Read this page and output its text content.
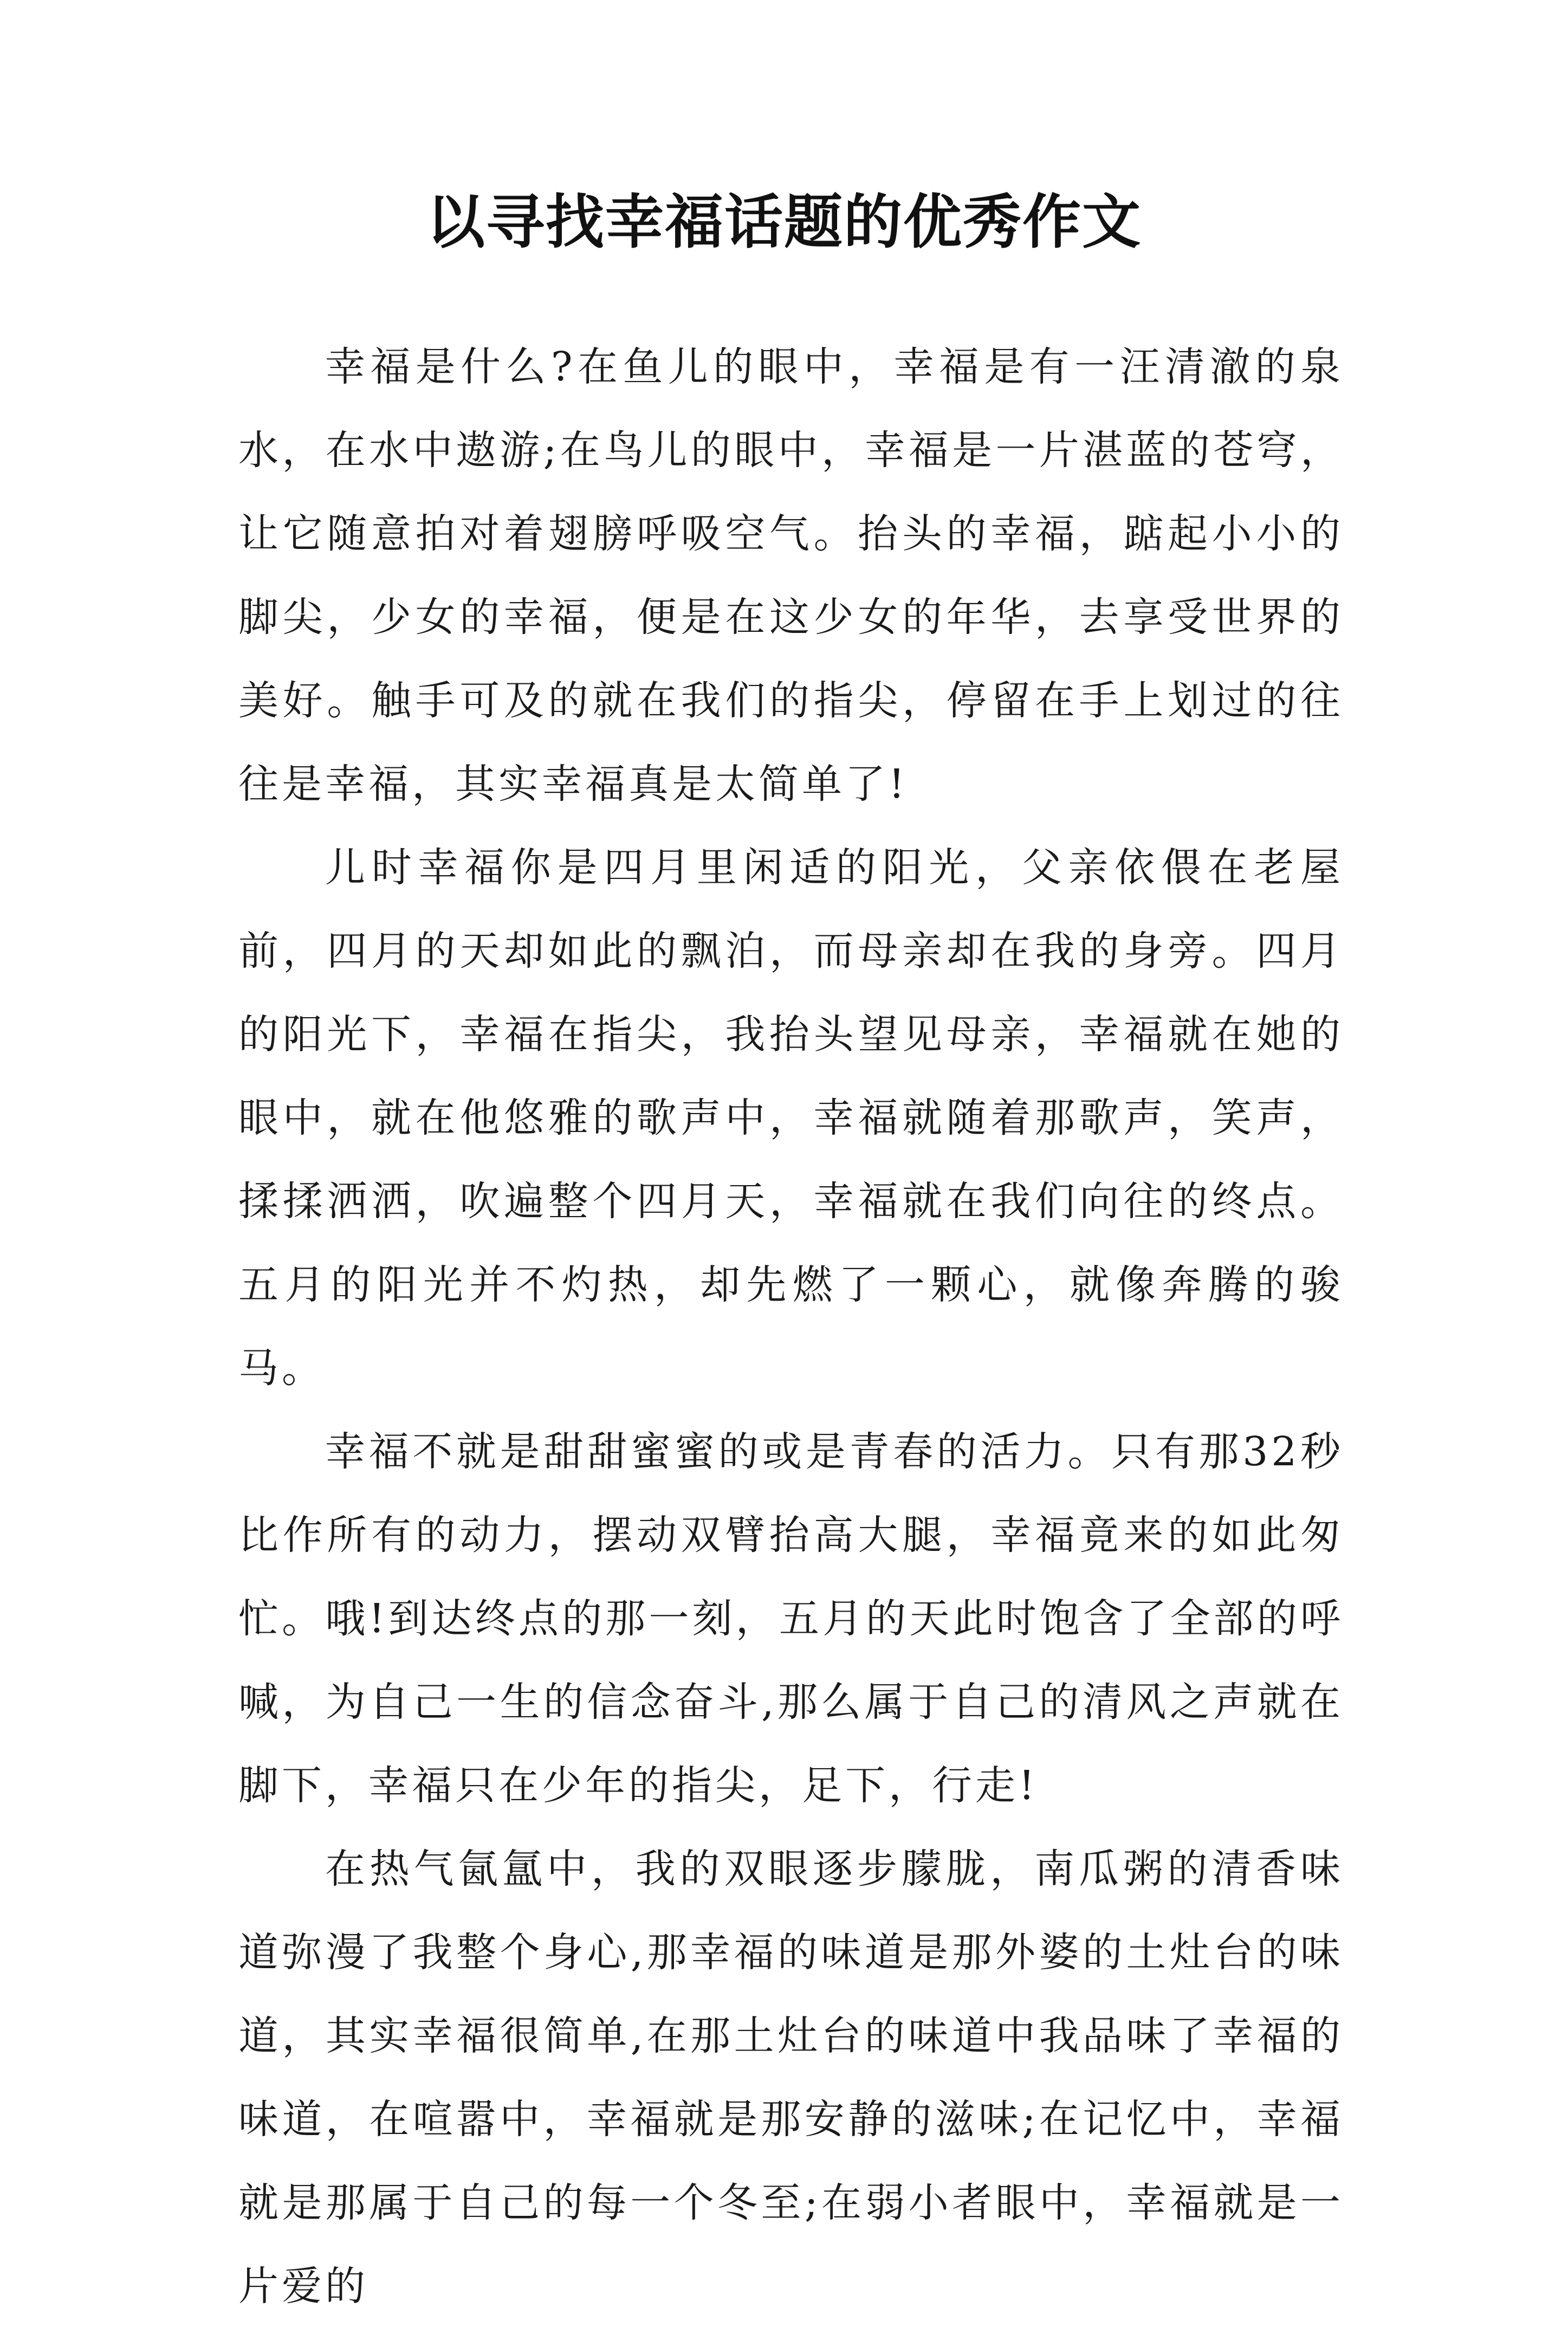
以寻找幸福话题的优秀作文

幸福是什么?在鱼儿的眼中，幸福是有一汪清澈的泉水，在水中遨游;在鸟儿的眼中，幸福是一片湛蓝的苍穹，让它随意拍对着翅膀呼吸空气。抬头的幸福，踮起小小的脚尖，少女的幸福，便是在这少女的年华，去享受世界的美好。触手可及的就在我们的指尖，停留在手上划过的往往是幸福，其实幸福真是太简单了!

儿时幸福你是四月里闲适的阳光，父亲依偎在老屋前，四月的天却如此的飘泊，而母亲却在我的身旁。四月的阳光下，幸福在指尖，我抬头望见母亲，幸福就在她的眼中，就在他悠雅的歌声中，幸福就随着那歌声，笑声，揉揉洒洒，吹遍整个四月天，幸福就在我们向往的终点。五月的阳光并不灼热，却先燃了一颗心，就像奔腾的骏马。

幸福不就是甜甜蜜蜜的或是青春的活力。只有那32秒比作所有的动力，摆动双臂抬高大腿，幸福竟来的如此匆忙。哦!到达终点的那一刻，五月的天此时饱含了全部的呼喊，为自己一生的信念奋斗,那么属于自己的清风之声就在脚下，幸福只在少年的指尖，足下，行走!

在热气氤氲中，我的双眼逐步朦胧，南瓜粥的清香味道弥漫了我整个身心,那幸福的味道是那外婆的土灶台的味道，其实幸福很简单,在那土灶台的味道中我品味了幸福的味道，在喧嚣中，幸福就是那安静的滋味;在记忆中，幸福就是那属于自己的每一个冬至;在弱小者眼中，幸福就是一片爱的
